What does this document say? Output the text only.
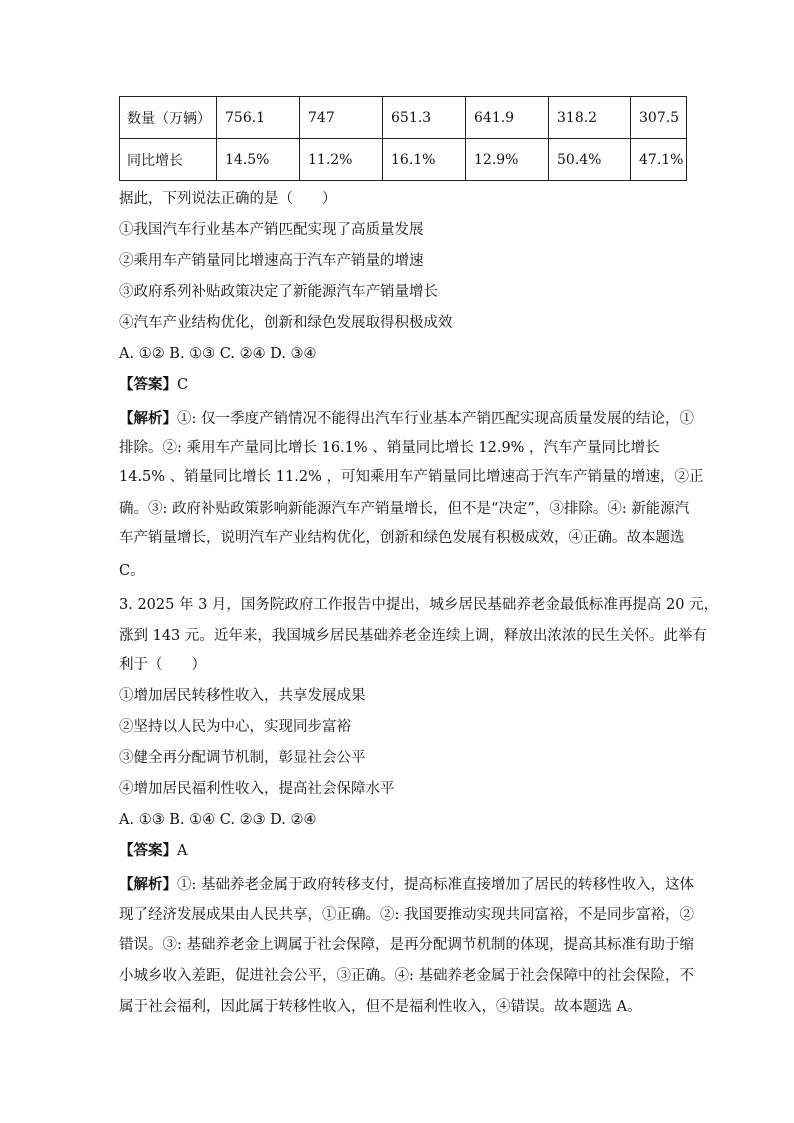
数量（万辆）	756.1	747	651.3	641.9	318.2	307.5
同比增长	14.5%	11.2%	16.1%	12.9%	50.4%	47.1%
据此，下列说法正确的是（　　）
①我国汽车行业基本产销匹配实现了高质量发展
②乘用车产销量同比增速高于汽车产销量的增速
③政府系列补贴政策决定了新能源汽车产销量增长
④汽车产业结构优化，创新和绿色发展取得积极成效
A. ①② B. ①③ C. ②④ D. ③④
【答案】C
【解析】①: 仅一季度产销情况不能得出汽车行业基本产销匹配实现高质量发展的结论，①
排除。②: 乘用车产量同比增长 16.1% 、销量同比增长 12.9% ，汽车产量同比增长
14.5% 、销量同比增长 11.2% ，可知乘用车产销量同比增速高于汽车产销量的增速，②正
确。③: 政府补贴政策影响新能源汽车产销量增长，但不是“决定”，③排除。④: 新能源汽
车产销量增长，说明汽车产业结构优化，创新和绿色发展有积极成效，④正确。故本题选
C。
3. 2025 年 3 月，国务院政府工作报告中提出，城乡居民基础养老金最低标准再提高 20 元，
涨到 143 元。近年来，我国城乡居民基础养老金连续上调，释放出浓浓的民生关怀。此举有
利于（　　）
①增加居民转移性收入，共享发展成果
②坚持以人民为中心，实现同步富裕
③健全再分配调节机制，彰显社会公平
④增加居民福利性收入，提高社会保障水平
A. ①③ B. ①④ C. ②③ D. ②④
【答案】A
【解析】①: 基础养老金属于政府转移支付，提高标准直接增加了居民的转移性收入，这体
现了经济发展成果由人民共享，①正确。②: 我国要推动实现共同富裕，不是同步富裕，②
错误。③: 基础养老金上调属于社会保障，是再分配调节机制的体现，提高其标准有助于缩
小城乡收入差距，促进社会公平，③正确。④: 基础养老金属于社会保障中的社会保险，不
属于社会福利，因此属于转移性收入，但不是福利性收入，④错误。故本题选 A。
